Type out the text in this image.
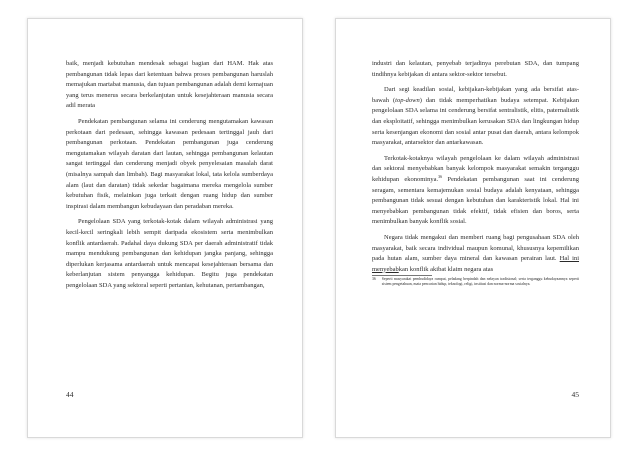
baik, menjadi kebutuhan mendesak sebagai bagian dari HAM. Hak atas pembangunan tidak lepas dari ketentuan bahwa proses pembangunan haruslah memajukan martabat manusia, dan tujuan pembangunan adalah demi kemajuan yang terus menerus secara berkelanjutan untuk kesejahteraan manusia secara adil merata

Pendekatan pembangunan selama ini cenderung mengutamakan kawasan perkotaan dari pedesaan, sehingga kawasan pedesaan tertinggal jauh dari pembangunan perkotaan. Pendekatan pembangunan juga cenderung mengutamakan wilayah daratan dari lautan, sehingga pembangunan kelautan sangat tertinggal dan cenderung menjadi obyek penyelesaian masalah darat (misalnya sampah dan limbah). Bagi masyarakat lokal, tata kelola sumberdaya alam (laut dan daratan) tidak sekedar bagaimana mereka mengelola sumber kebutuhan fisik, melainkan juga terkait dengan ruang hidup dan sumber inspirasi dalam membangun kebudayaan dan peradaban mereka.

Pengelolaan SDA yang terkotak-kotak dalam wilayah administrasi yang kecil-kecil seringkali lebih sempit daripada ekosistem serta menimbulkan konflik antardaerah. Padahal daya dukung SDA per daerah administratif tidak mampu mendukung pembangunan dan kehidupan jangka panjang, sehingga diperlukan kerjasama antardaerah untuk mencapai kesejahteraan bersama dan keberlanjutan sistem penyangga kehidupan. Begitu juga pendekatan pengelolaan SDA yang sektoral seperti pertanian, kehutanan, pertambangan,

44

industri dan kelautan, penyebab terjadinya perebutan SDA, dan tumpang tindihnya kebijakan di antara sektor-sektor tersebut.

Dari segi keadilan sosial, kebijakan-kebijakan yang ada bersifat atas-bawah (top-down) dan tidak memperhatikan budaya setempat. Kebijakan pengelolaan SDA selama ini cenderung bersifat sentralistik, elitis, paternalistik dan eksploitatif, sehingga menimbulkan kerusakan SDA dan lingkungan hidup serta kesenjangan ekonomi dan sosial antar pusat dan daerah, antara kelompok masyarakat, antarsektor dan antarkawasan.

Terkotak-kotaknya wilayah pengelolaan ke dalam wilayah administrasi dan sektoral menyebabkan banyak kelompok masyarakat semakin terganggu kehidupan ekonominya.$^{36}$ Pendekatan pembangunan saat ini cenderung seragam, sementara kemajemukan sosial budaya adalah kenyataan, sehingga pembangunan tidak sesuai dengan kebutuhan dan karakteristik lokal. Hal ini menyebabkan pembangunan tidak efektif, tidak efisien dan boros, serta menimbulkan banyak konflik sosial.

Negara tidak mengakui dan memberi ruang bagi pengusahaan SDA oleh masyarakat, baik secara individual maupun komunal, khususnya kepemilikan pada hutan alam, sumber daya mineral dan kawasan perairan laut. Hal ini menyebabkan konflik akibat klaim negara atas

36 Seperti masyarakat pembudidaya rumput, peladang berpindah dan nelayan tradisional; serta terganggu kebudayaannya seperti sistem pengetahuan, mata pencarian hidup, teknologi, religi, institusi dan norma-norma sosialnya.
45
